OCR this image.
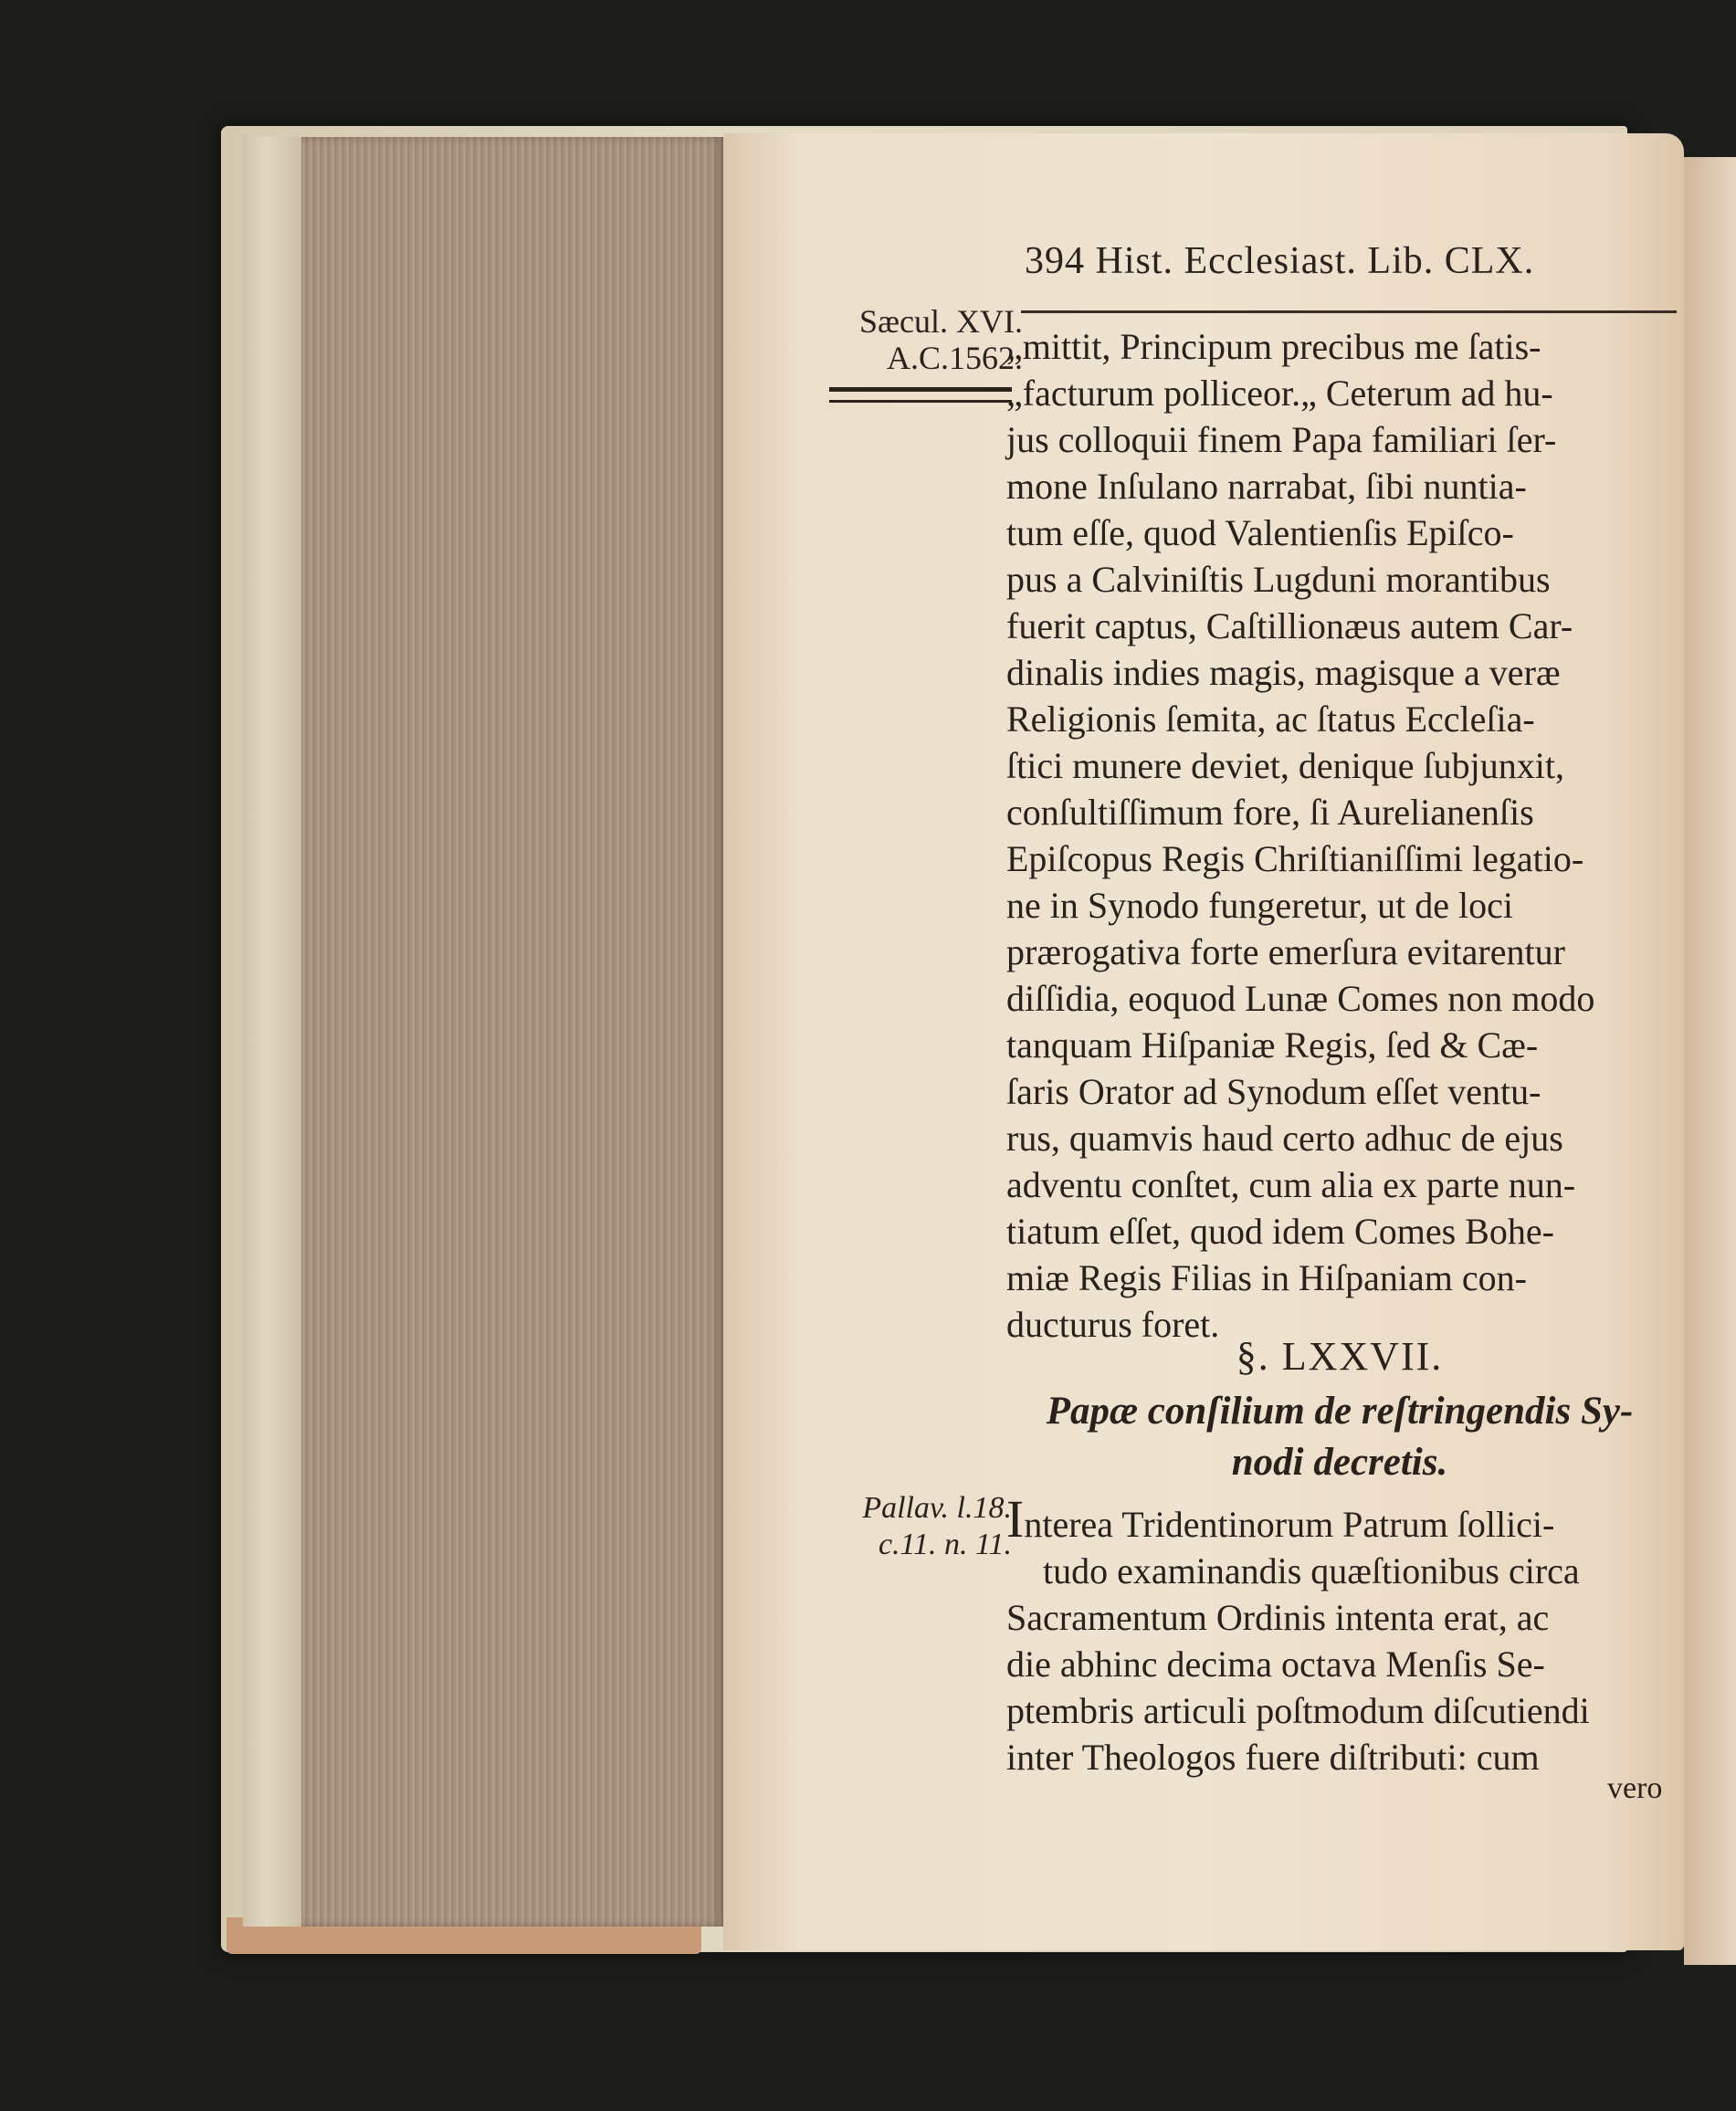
394 Hist. Ecclesiast. Lib. CLX.
Sæcul. XVI.
A.C.1562.
Pallav. l.18.
c.11. n. 11.
„mittit, Principum precibus me ſatis-
„facturum polliceor.„ Ceterum ad hu-
jus colloquii finem Papa familiari ſer-
mone Inſulano narrabat, ſibi nuntia-
tum eſſe, quod Valentienſis Epiſco-
pus a Calviniſtis Lugduni morantibus
fuerit captus, Caſtillionæus autem Car-
dinalis indies magis, magisque a veræ
Religionis ſemita, ac ſtatus Eccleſia-
ſtici munere deviet, denique ſubjunxit,
conſultiſſimum fore, ſi Aurelianenſis
Epiſcopus Regis Chriſtianiſſimi legatio-
ne in Synodo fungeretur, ut de loci
prærogativa forte emerſura evitarentur
diſſidia, eoquod Lunæ Comes non modo
tanquam Hiſpaniæ Regis, ſed & Cæ-
ſaris Orator ad Synodum eſſet ventu-
rus, quamvis haud certo adhuc de ejus
adventu conſtet, cum alia ex parte nun-
tiatum eſſet, quod idem Comes Bohe-
miæ Regis Filias in Hiſpaniam con-
ducturus foret.
§. LXXVII.
Papæ conſilium de reſtringendis Sy-
nodi decretis.
Interea Tridentinorum Patrum ſollici-
tudo examinandis quæſtionibus circa
Sacramentum Ordinis intenta erat, ac
die abhinc decima octava Menſis Se-
ptembris articuli poſtmodum diſcutiendi
inter Theologos fuere diſtributi: cum
vero
